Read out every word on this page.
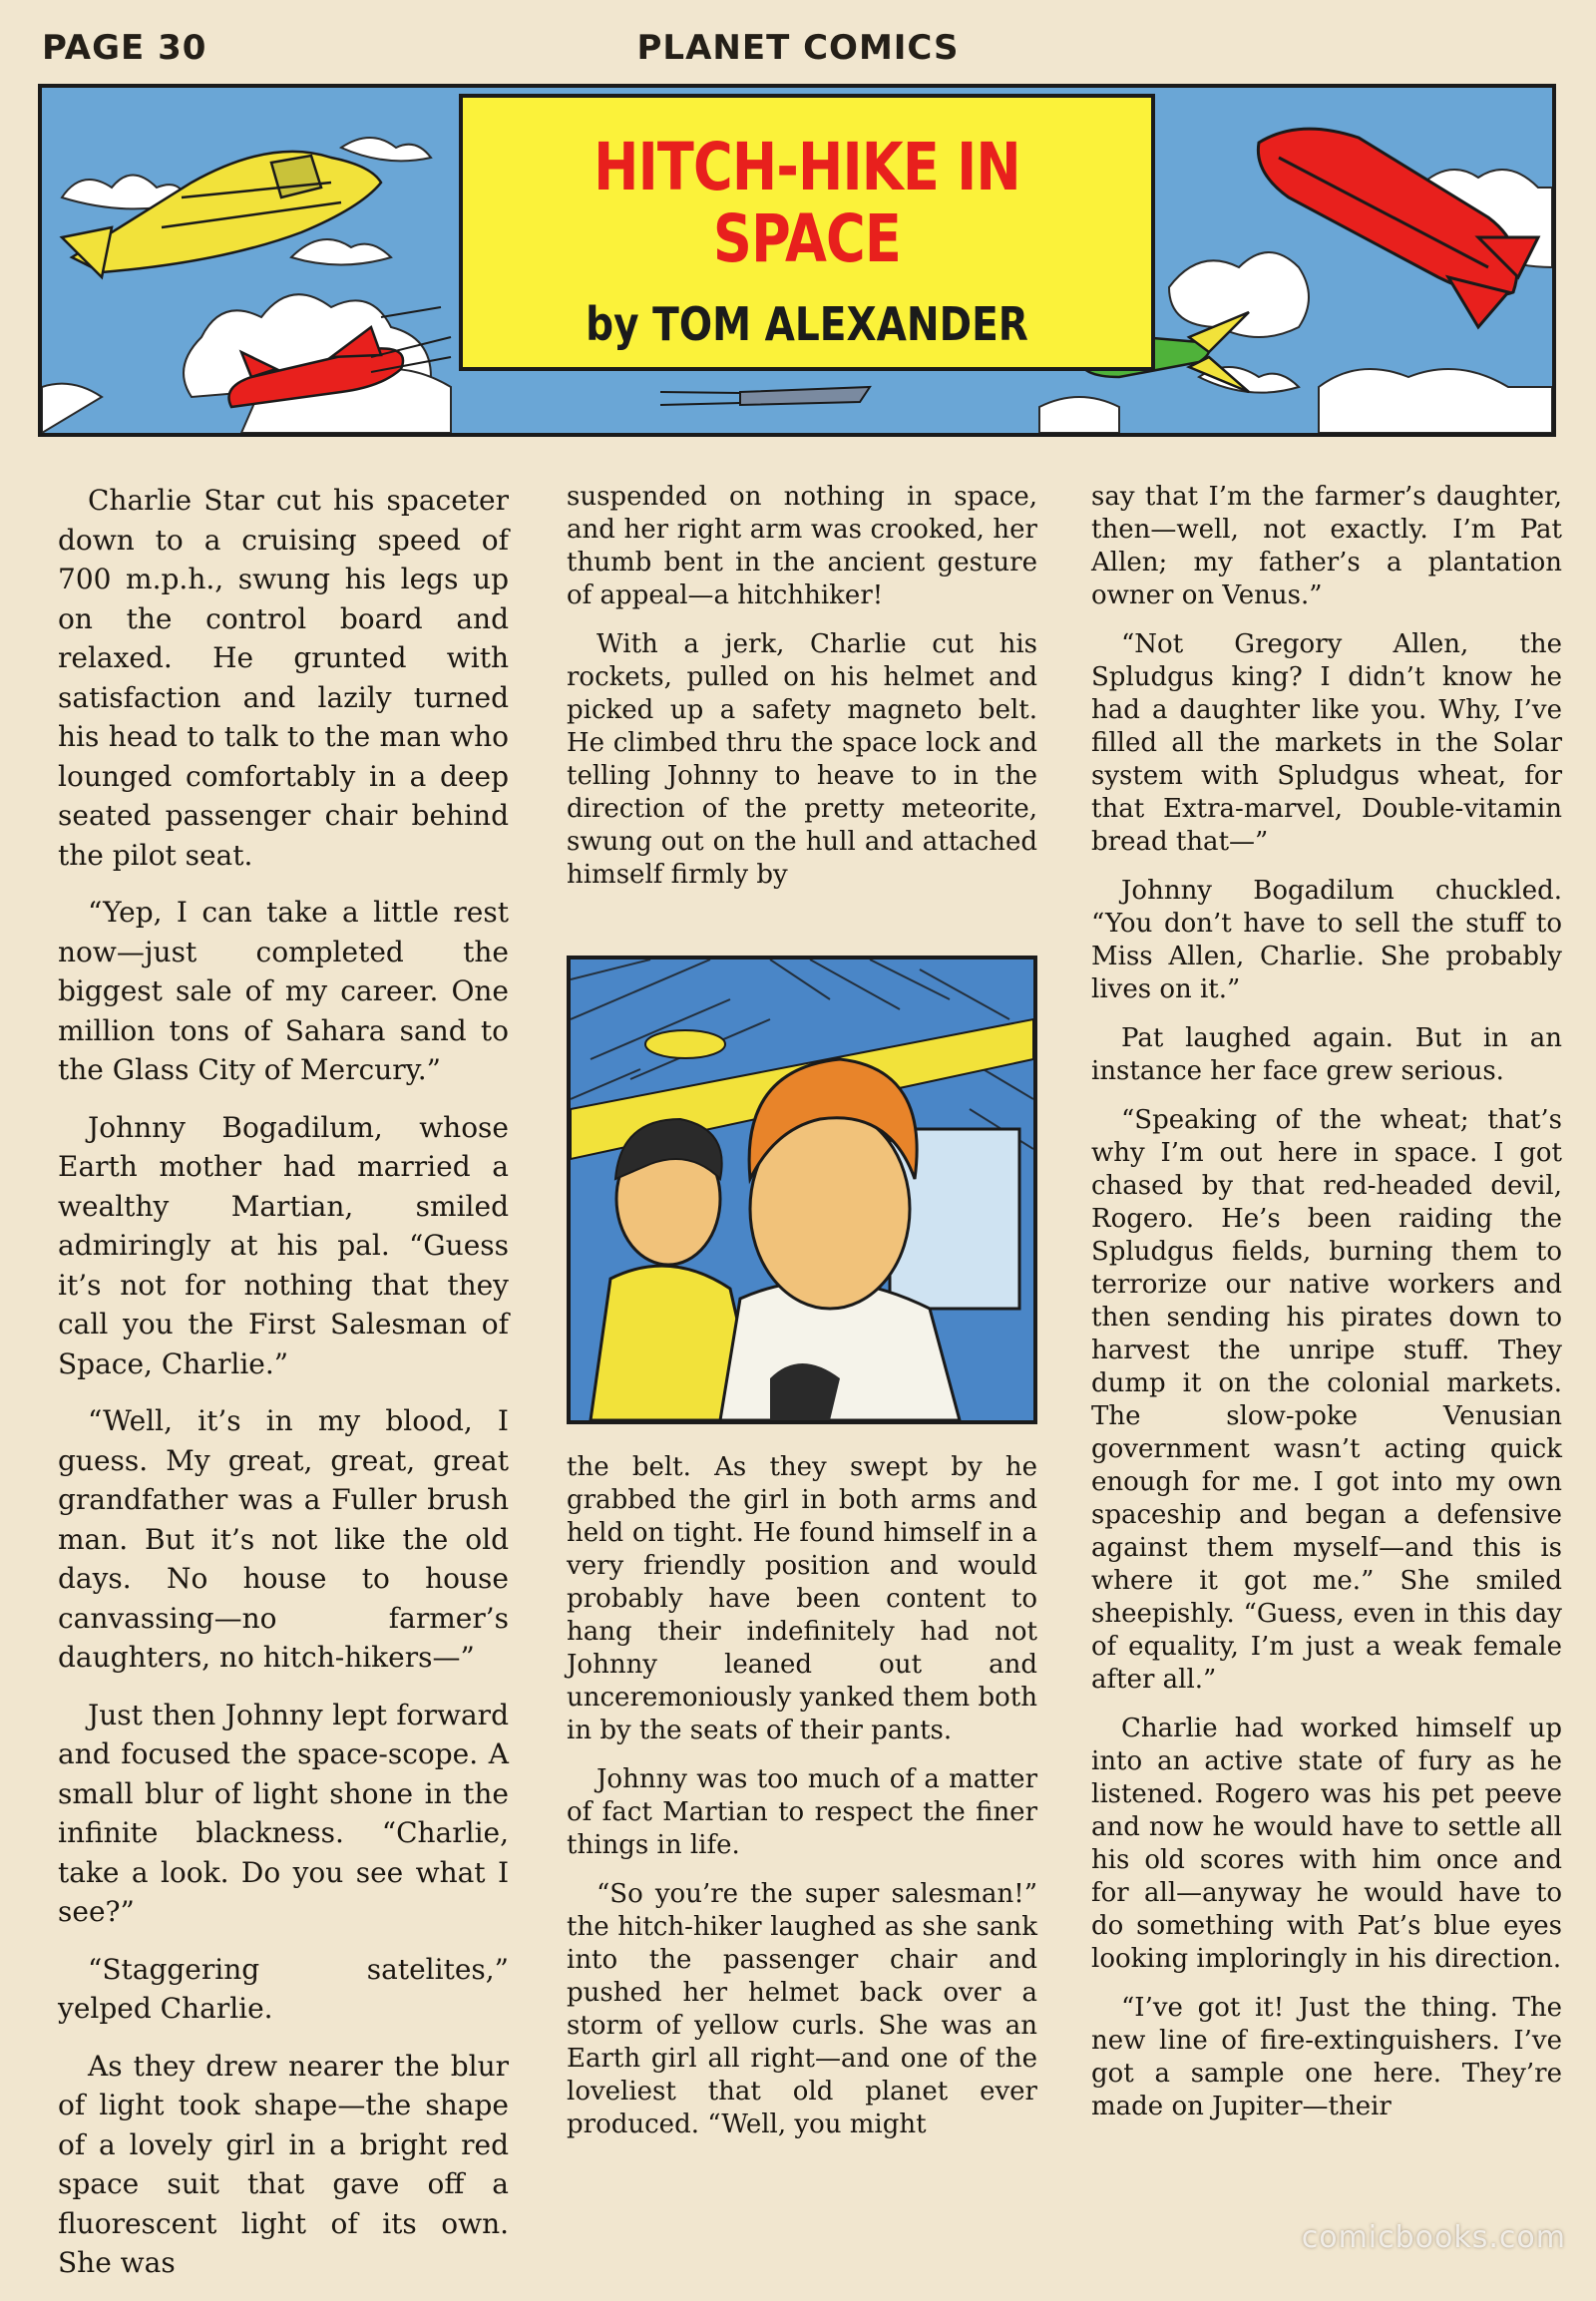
PAGE 30	PLANET COMICS
HITCH-HIKE IN
SPACE
by TOM ALEXANDER

Charlie Star cut his spaceter down to a cruising speed of 700 m.p.h., swung his legs up on the control board and relaxed. He grunted with satisfaction and lazily turned his head to talk to the man who lounged comfortably in a deep seated passenger chair behind the pilot seat.

“Yep, I can take a little rest now—just completed the biggest sale of my career. One million tons of Sahara sand to the Glass City of Mercury.”

Johnny Bogadilum, whose Earth mother had married a wealthy Martian, smiled admiringly at his pal. “Guess it’s not for nothing that they call you the First Salesman of Space, Charlie.”

“Well, it’s in my blood, I guess. My great, great, great grandfather was a Fuller brush man. But it’s not like the old days. No house to house canvassing—no farmer’s daughters, no hitch-hikers—”

Just then Johnny lept forward and focused the space-scope. A small blur of light shone in the infinite blackness. “Charlie, take a look. Do you see what I see?”

“Staggering satelites,” yelped Charlie.

As they drew nearer the blur of light took shape—the shape of a lovely girl in a bright red space suit that gave off a fluorescent light of its own. She was

suspended on nothing in space, and her right arm was crooked, her thumb bent in the ancient gesture of appeal—a hitchhiker!

With a jerk, Charlie cut his rockets, pulled on his helmet and picked up a safety magneto belt. He climbed thru the space lock and telling Johnny to heave to in the direction of the pretty meteorite, swung out on the hull and attached himself firmly by

the belt. As they swept by he grabbed the girl in both arms and held on tight. He found himself in a very friendly position and would probably have been content to hang their indefinitely had not Johnny leaned out and unceremoniously yanked them both in by the seats of their pants.

Johnny was too much of a matter of fact Martian to respect the finer things in life.

“So you’re the super salesman!” the hitch-hiker laughed as she sank into the passenger chair and pushed her helmet back over a storm of yellow curls. She was an Earth girl all right—and one of the loveliest that old planet ever produced. “Well, you might

say that I’m the farmer’s daughter, then—well, not exactly. I’m Pat Allen; my father’s a plantation owner on Venus.”

“Not Gregory Allen, the Spludgus king? I didn’t know he had a daughter like you. Why, I’ve filled all the markets in the Solar system with Spludgus wheat, for that Extra-marvel, Double-vitamin bread that—”

Johnny Bogadilum chuckled. “You don’t have to sell the stuff to Miss Allen, Charlie. She probably lives on it.”

Pat laughed again. But in an instance her face grew serious.

“Speaking of the wheat; that’s why I’m out here in space. I got chased by that red-headed devil, Rogero. He’s been raiding the Spludgus fields, burning them to terrorize our native workers and then sending his pirates down to harvest the unripe stuff. They dump it on the colonial markets. The slow-poke Venusian government wasn’t acting quick enough for me. I got into my own spaceship and began a defensive against them myself—and this is where it got me.” She smiled sheepishly. “Guess, even in this day of equality, I’m just a weak female after all.”

Charlie had worked himself up into an active state of fury as he listened. Rogero was his pet peeve and now he would have to settle all his old scores with him once and for all—anyway he would have to do something with Pat’s blue eyes looking imploringly in his direction.

“I’ve got it! Just the thing. The new line of fire-extinguishers. I’ve got a sample one here. They’re made on Jupiter—their

comicbooks.com
